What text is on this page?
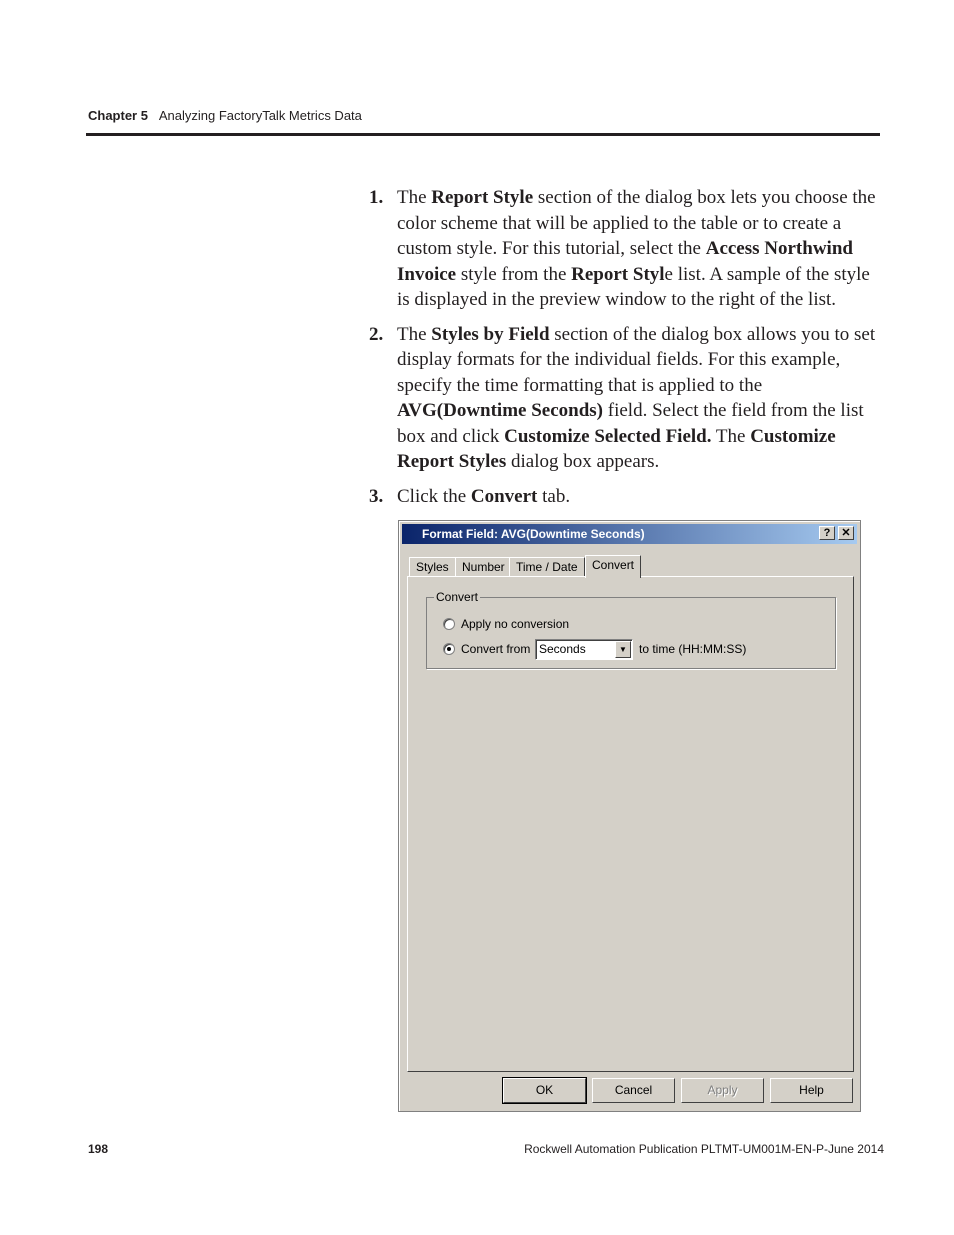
Chapter 5 Analyzing FactoryTalk Metrics Data
1. The Report Style section of the dialog box lets you choose the color scheme that will be applied to the table or to create a custom style. For this tutorial, select the Access Northwind Invoice style from the Report Style list. A sample of the style is displayed in the preview window to the right of the list.
2. The Styles by Field section of the dialog box allows you to set display formats for the individual fields. For this example, specify the time formatting that is applied to the AVG(Downtime Seconds) field. Select the field from the list box and click Customize Selected Field. The Customize Report Styles dialog box appears.
3. Click the Convert tab.
Format Field: AVG(Downtime Seconds)	?	✕
Styles	Number Time / Date	Convert
Convert
Apply no conversion
Convert from Seconds	▼	to time (HH:MM:SS)
OK	Cancel	Apply	Help
198	Rockwell Automation Publication PLTMT-UM001M-EN-P-June 2014
